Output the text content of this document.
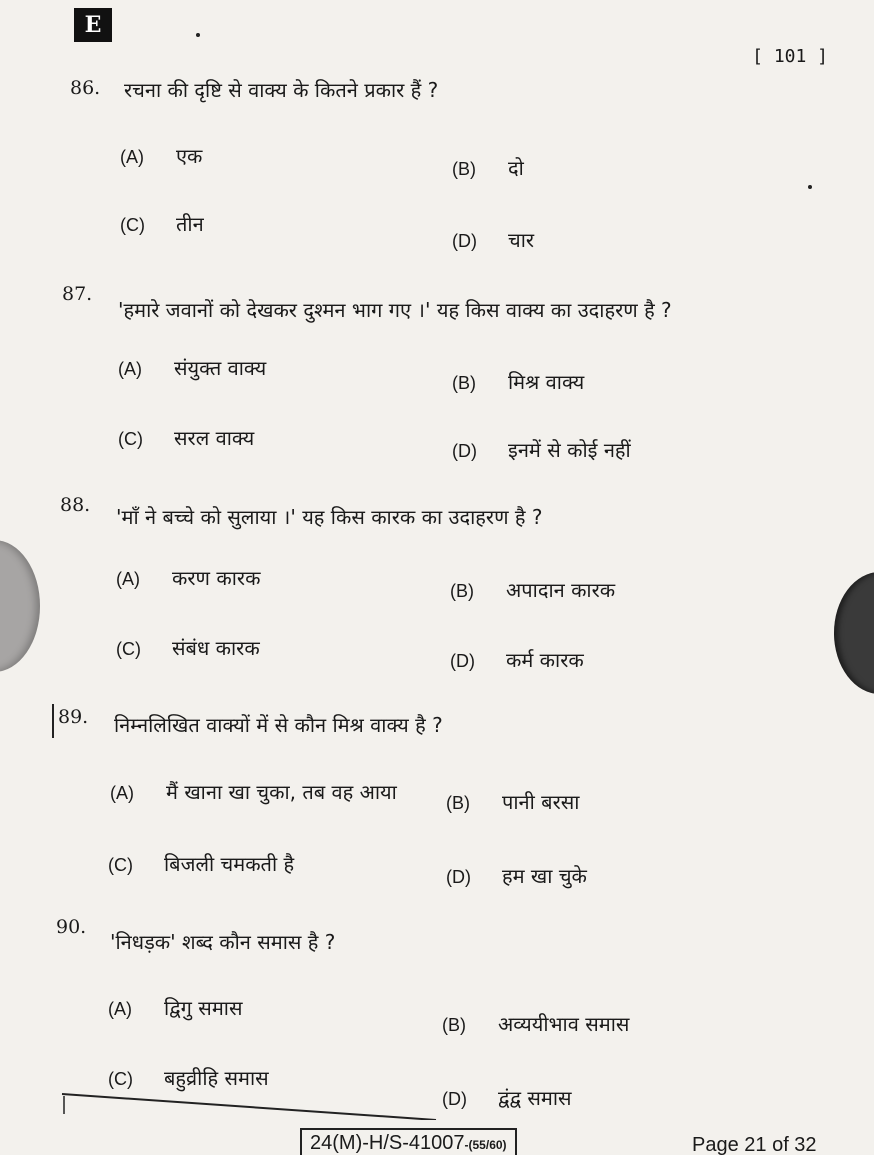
E
[ 101 ]
86. रचना की दृष्टि से वाक्य के कितने प्रकार हैं ?
(A) एक
(B) दो
(C) तीन
(D) चार
87.
'हमारे जवानों को देखकर दुश्मन भाग गए ।' यह किस वाक्य का उदाहरण है ?
(A) संयुक्त वाक्य
(B) मिश्र वाक्य
(C) सरल वाक्य
(D) इनमें से कोई नहीं
88. 'माँ ने बच्चे को सुलाया ।' यह किस कारक का उदाहरण है ?
(A) करण कारक
(B) अपादान कारक
(C) संबंध कारक
(D) कर्म कारक
89. निम्नलिखित वाक्यों में से कौन मिश्र वाक्य है ?
(A) मैं खाना खा चुका, तब वह आया	(B) पानी बरसा
(C) बिजली चमकती है
(D) हम खा चुके
90.
'निधड़क' शब्द कौन समास है ?
(A) द्विगु समास
(B) अव्ययीभाव समास
(C) बहुव्रीहि समास
(D) द्वंद्व समास
24(M)-H/S-41007-(55/60)	Page 21 of 32
